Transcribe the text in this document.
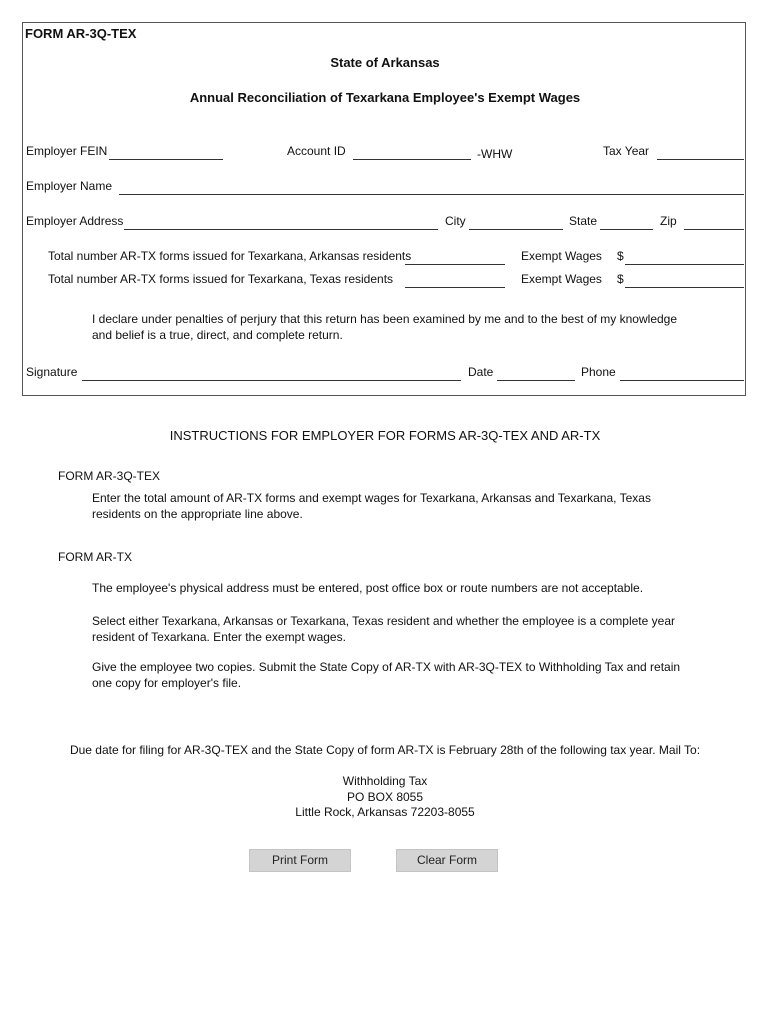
FORM AR-3Q-TEX
State of Arkansas
Annual Reconciliation of Texarkana Employee's Exempt Wages
Employer FEIN	Account ID	-WHW	Tax Year
Employer Name
Employer Address	City	State	Zip
Total number AR-TX forms issued for Texarkana, Arkansas residents	Exempt Wages $
Total number AR-TX forms issued for Texarkana, Texas residents	Exempt Wages $
I declare under penalties of perjury that this return has been examined by me and to the best of my knowledge and belief is a true, direct, and complete return.
Signature	Date	Phone
INSTRUCTIONS FOR EMPLOYER FOR FORMS AR-3Q-TEX AND AR-TX
FORM AR-3Q-TEX
Enter the total amount of AR-TX forms and exempt wages for Texarkana, Arkansas and Texarkana, Texas residents on the appropriate line above.
FORM AR-TX
The employee's physical address must be entered, post office box or route numbers are not acceptable.
Select either Texarkana, Arkansas or Texarkana, Texas resident and whether the employee is a complete year resident of Texarkana. Enter the exempt wages.
Give the employee two copies. Submit the State Copy of AR-TX with AR-3Q-TEX to Withholding Tax and retain one copy for employer's file.
Due date for filing for AR-3Q-TEX and the State Copy of form AR-TX is February 28th of the following tax year. Mail To:
Withholding Tax
PO BOX 8055
Little Rock, Arkansas 72203-8055
Print Form	Clear Form
